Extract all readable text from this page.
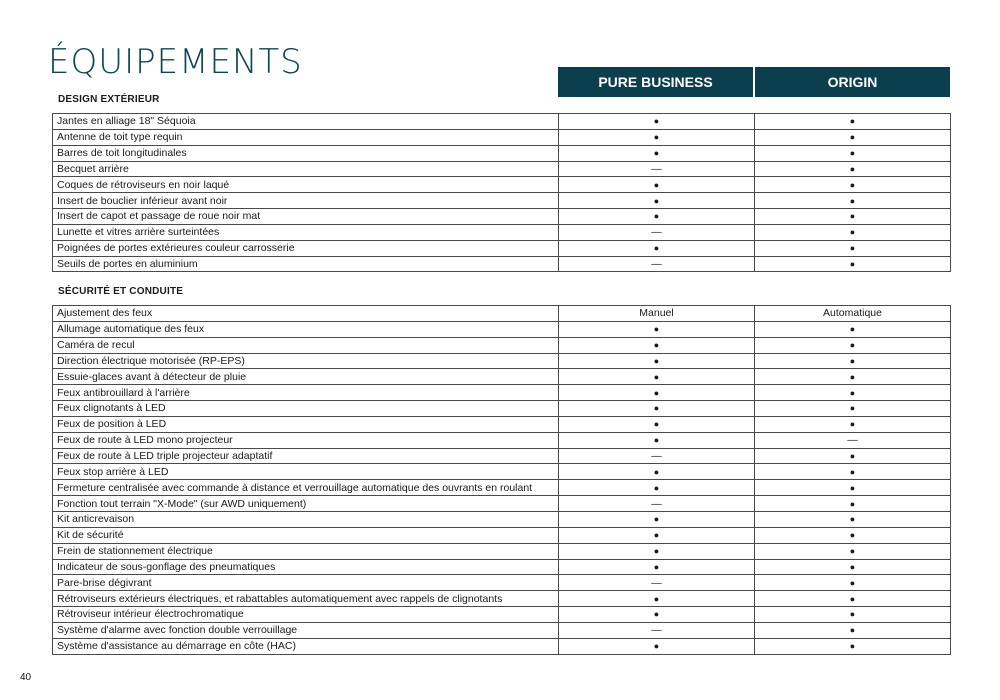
ÉQUIPEMENTS	PURE BUSINESS	ORIGIN
DESIGN EXTÉRIEUR
Jantes en alliage 18" Séquoia	●	●
Antenne de toit type requin	●	●
Barres de toit longitudinales	●	●
Becquet arrière	—	●
Coques de rétroviseurs en noir laqué	●	●
Insert de bouclier inférieur avant noir	●	●
Insert de capot et passage de roue noir mat	●	●
Lunette et vitres arrière surteintées	—	●
Poignées de portes extérieures couleur carrosserie	●	●
Seuils de portes en aluminium	—	●
SÉCURITÉ ET CONDUITE
Ajustement des feux	Manuel	Automatique
Allumage automatique des feux	●	●
Caméra de recul	●	●
Direction électrique motorisée (RP-EPS)	●	●
Essuie-glaces avant à détecteur de pluie	●	●
Feux antibrouillard à l'arrière	●	●
Feux clignotants à LED	●	●
Feux de position à LED	●	●
Feux de route à LED mono projecteur	●	—
Feux de route à LED triple projecteur adaptatif	—	●
Feux stop arrière à LED	●	●
Fermeture centralisée avec commande à distance et verrouillage automatique des ouvrants en roulant	●	●
Fonction tout terrain "X-Mode" (sur AWD uniquement)	—	●
Kit anticrevaison	●	●
Kit de sécurité	●	●
Frein de stationnement électrique	●	●
Indicateur de sous-gonflage des pneumatiques	●	●
Pare-brise dégivrant	—	●
Rétroviseurs extérieurs électriques, et rabattables automatiquement avec rappels de clignotants	●	●
Rétroviseur intérieur électrochromatique	●	●
Système d'alarme avec fonction double verrouillage	—	●
Système d'assistance au démarrage en côte (HAC)	●	●
40
